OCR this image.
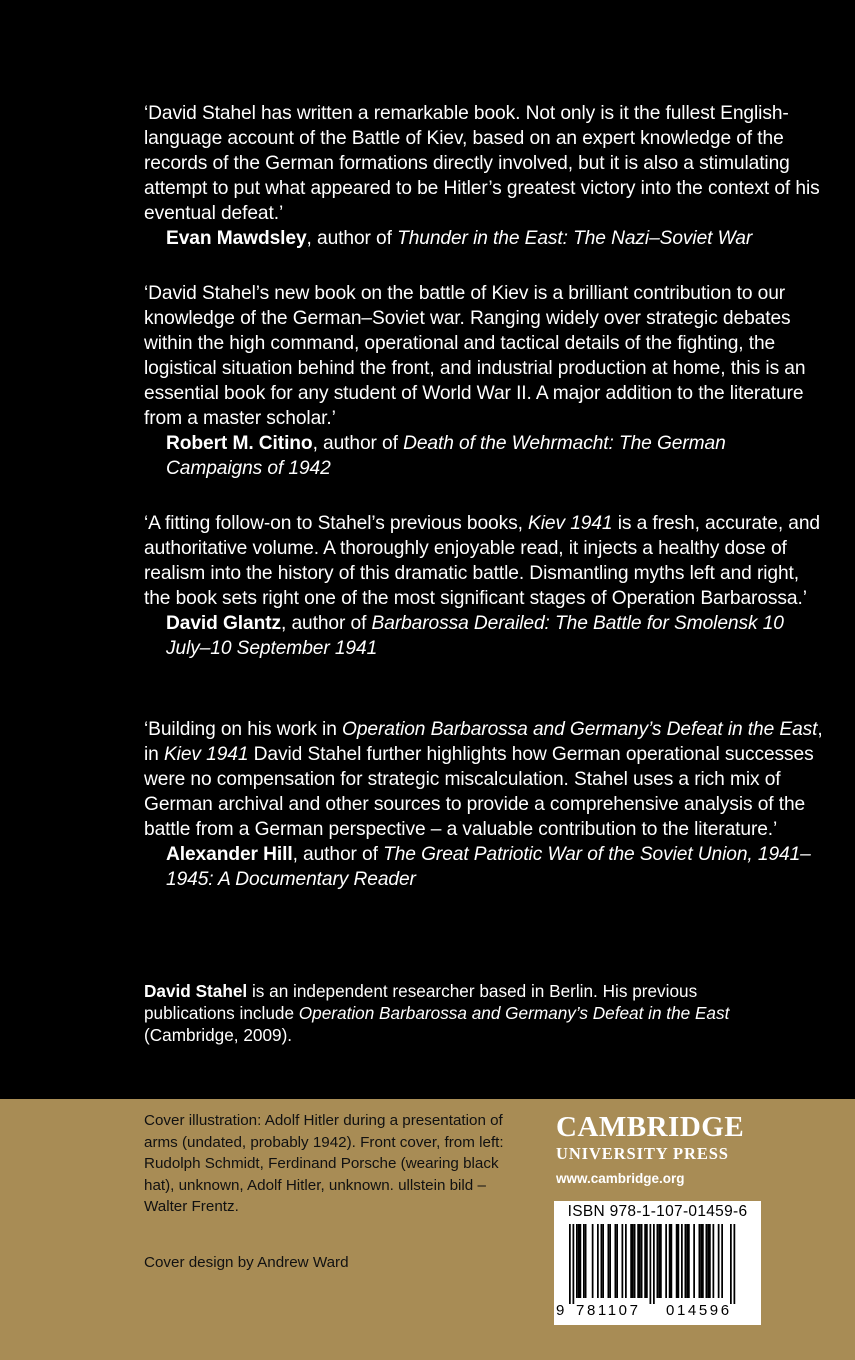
‘David Stahel has written a remarkable book. Not only is it the fullest English-language account of the Battle of Kiev, based on an expert knowledge of the records of the German formations directly involved, but it is also a stimulating attempt to put what appeared to be Hitler’s greatest victory into the context of his eventual defeat.’

Evan Mawdsley, author of Thunder in the East: The Nazi–Soviet War

‘David Stahel’s new book on the battle of Kiev is a brilliant contribution to our knowledge of the German–Soviet war. Ranging widely over strategic debates within the high command, operational and tactical details of the fighting, the logistical situation behind the front, and industrial production at home, this is an essential book for any student of World War II. A major addition to the literature from a master scholar.’

Robert M. Citino, author of Death of the Wehrmacht: The German Campaigns of 1942

‘A fitting follow-on to Stahel’s previous books, Kiev 1941 is a fresh, accurate, and authoritative volume. A thoroughly enjoyable read, it injects a healthy dose of realism into the history of this dramatic battle. Dismantling myths left and right, the book sets right one of the most significant stages of Operation Barbarossa.’

David Glantz, author of Barbarossa Derailed: The Battle for Smolensk 10 July–10 September 1941

‘Building on his work in Operation Barbarossa and Germany’s Defeat in the East, in Kiev 1941 David Stahel further highlights how German operational successes were no compensation for strategic miscalculation. Stahel uses a rich mix of German archival and other sources to provide a comprehensive analysis of the battle from a German perspective – a valuable contribution to the literature.’

Alexander Hill, author of The Great Patriotic War of the Soviet Union, 1941–1945: A Documentary Reader

David Stahel is an independent researcher based in Berlin. His previous publications include Operation Barbarossa and Germany’s Defeat in the East (Cambridge, 2009).

Cover illustration: Adolf Hitler during a presentation of arms (undated, probably 1942). Front cover, from left: Rudolph Schmidt, Ferdinand Porsche (wearing black hat), unknown, Adolf Hitler, unknown. ullstein bild – Walter Frentz.

Cover design by Andrew Ward
CAMBRIDGE
UNIVERSITY PRESS
www.cambridge.org
ISBN 978-1-107-01459-6
9 781107 014596
